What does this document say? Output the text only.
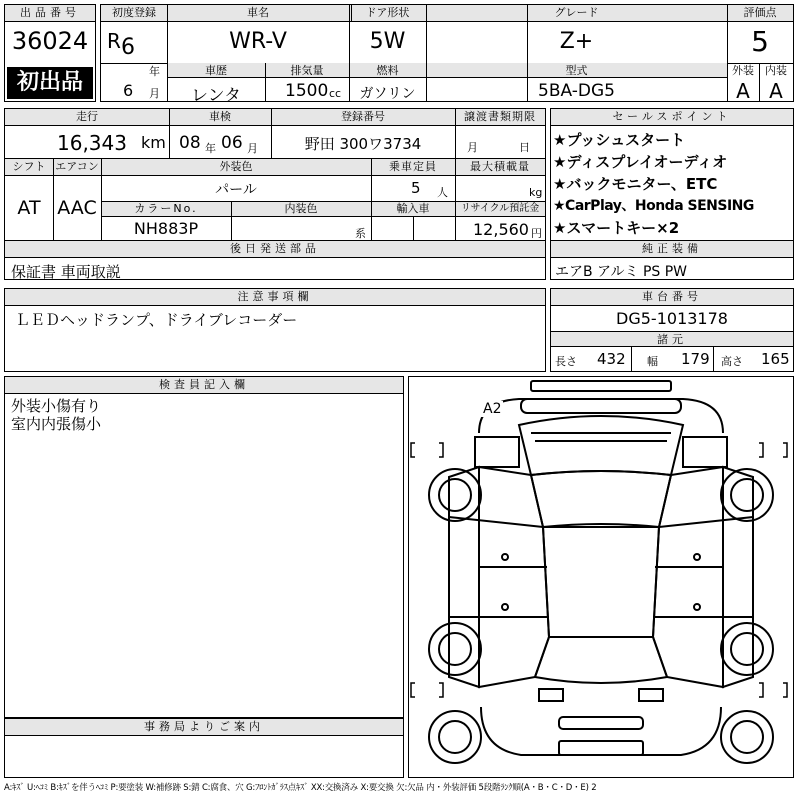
出品番号
36024
初出品
初度登録
R 6
年
6 月
車名
WR-V
ドア形状
5W
グレード
Z+
評価点
5
車歴
レンタ
排気量
1500 cc
燃料
ガソリン
型式
5BA-DG5
外装
A
内装
A
走行
16,343 km
車検
08 年 06 月
登録番号
野田 300ワ3734
譲渡書類期限
月	日
シフト
AT
エアコン
AAC
外装色
パール
乗車定員
5 人
最大積載量
kg
カラーNo.
NH883P
内装色
系
輸入車	リサイクル預託金
12,560 円
後日発送部品
保証書 車両取説
セールスポイント
★プッシュスタート
★ディスプレイオーディオ
★バックモニター、ETC
★CarPlay、Honda SENSING
★スマートキー×2
純正装備
エアB アルミ PS PW
注意事項欄
ＬＥＤヘッドランプ、ドライブレコーダー
車台番号
DG5-1013178
諸元
長さ 432 幅 179 高さ 165
検査員記入欄
外装小傷有り
室内内張傷小
事務局よりご案内
A2
A:ｷｽﾞ U:ﾍｺﾐ B:ｷｽﾞを伴うﾍｺﾐ P:要塗装 W:補修跡 S:錆 C:腐食、穴 G:ﾌﾛﾝﾄｶﾞﾗｽ点ｷｽﾞ XX:交換済み X:要交換 欠:欠品 内・外装評価 5段階ﾗﾝｸ順(A・B・C・D・E) 2
